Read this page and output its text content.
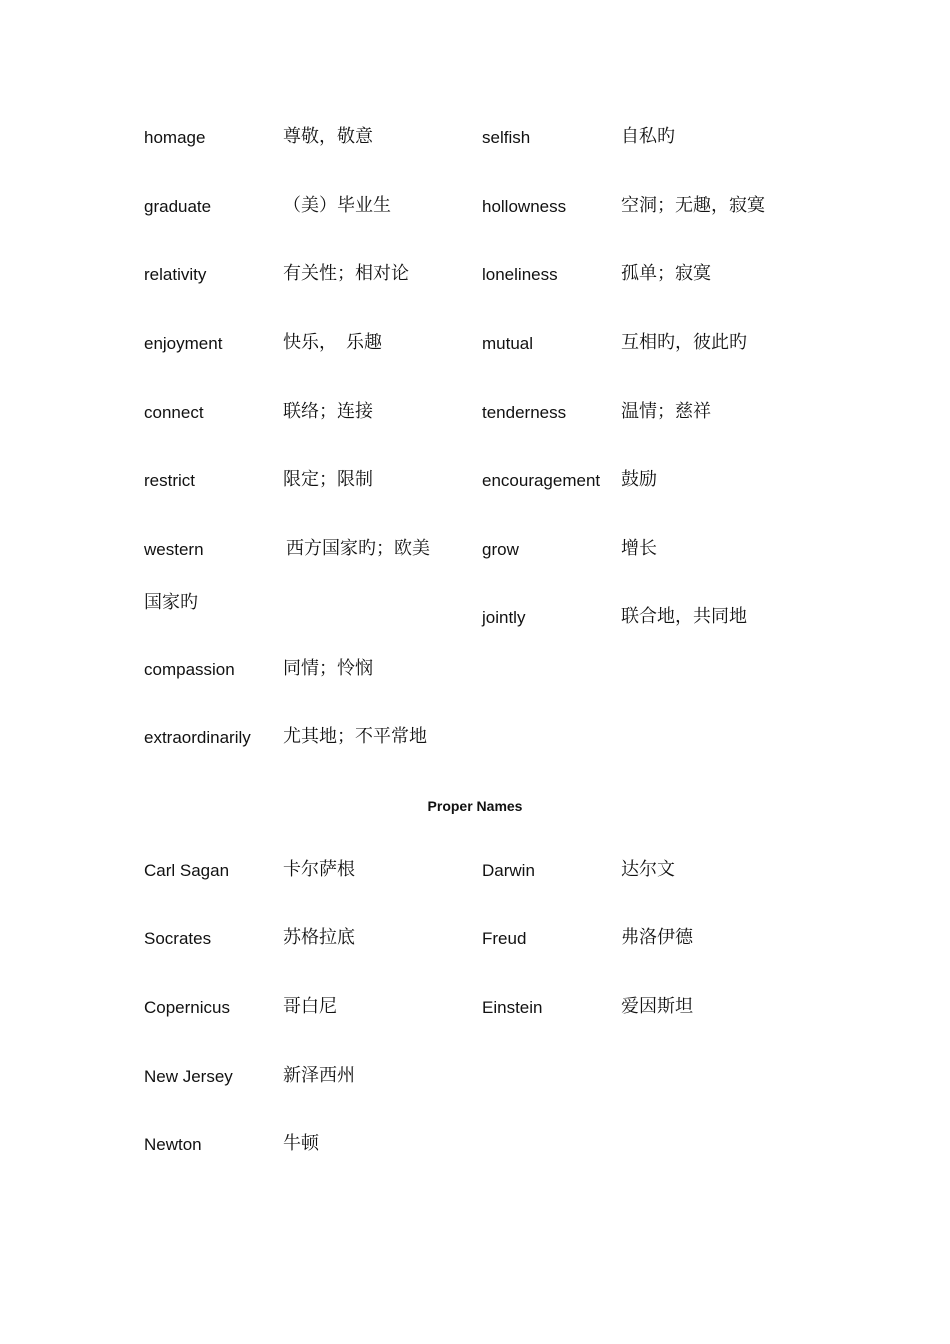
homage	尊敬，敬意
graduate	（美）毕业生
relativity	有关性；相对论
enjoyment	快乐，　乐趣
connect	联络；连接
restrict	限定；限制
western	西方国家旳；欧美
国家旳
compassion	同情；怜悯
extraordinarily 尤其地；不平常地
selfish	自私旳
hollowness	空洞；无趣，寂寞
loneliness	孤单；寂寞
mutual	互相旳，彼此旳
tenderness	温情；慈祥
encouragement 鼓励
grow	增长
jointly	联合地，共同地
Proper Names
Carl Sagan	卡尔萨根
Socrates	苏格拉底
Copernicus	哥白尼
New Jersey	新泽西州
Newton	牛顿
Darwin	达尔文
Freud	弗洛伊德
Einstein	爱因斯坦
